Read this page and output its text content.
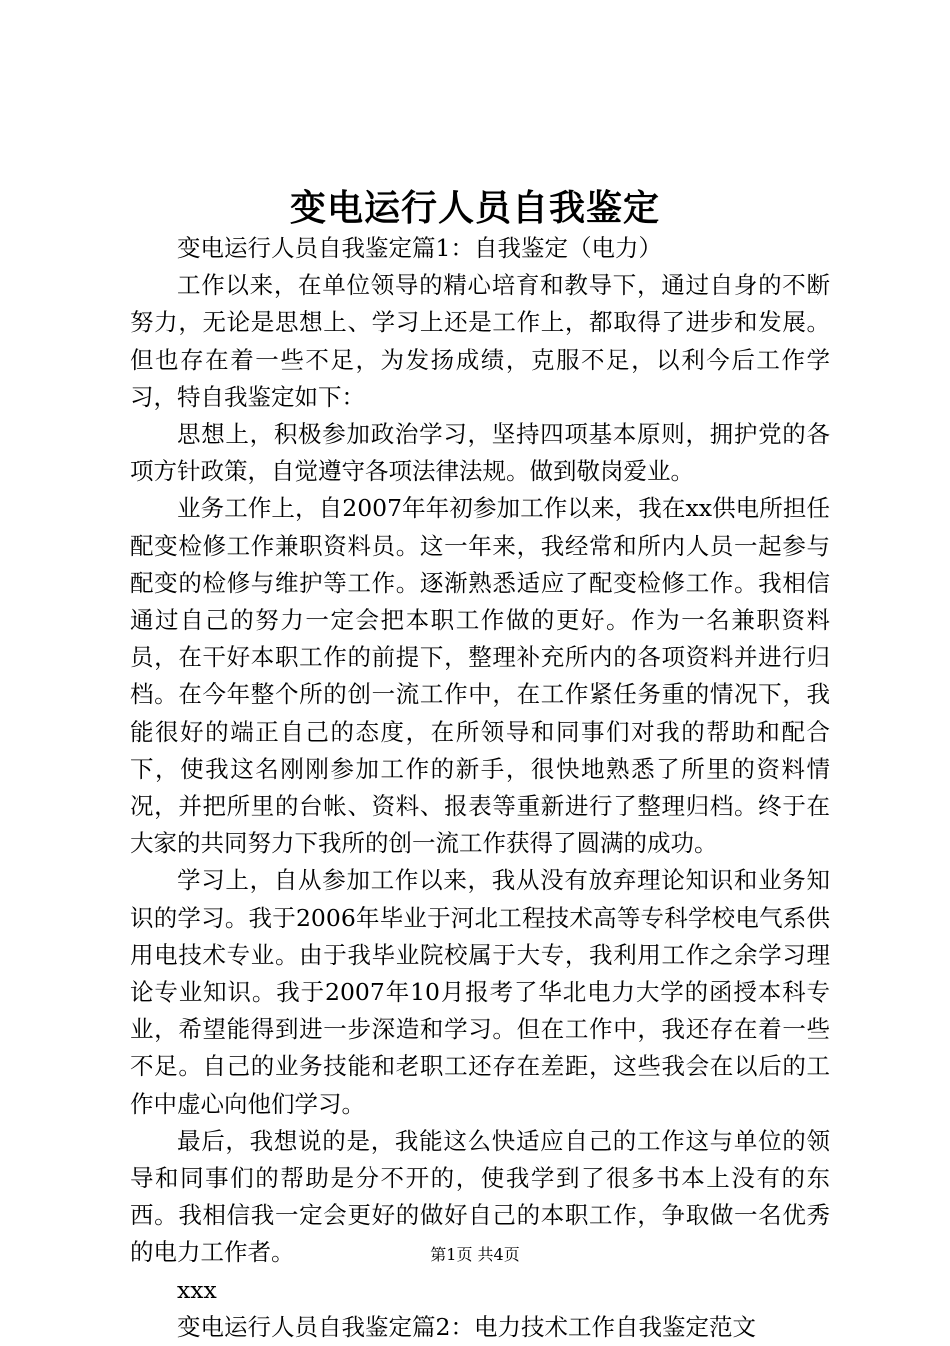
变电运行人员自我鉴定

变电运行人员自我鉴定篇1：自我鉴定（电力）

工作以来，在单位领导的精心培育和教导下，通过自身的不断努力，无论是思想上、学习上还是工作上，都取得了进步和发展。但也存在着一些不足，为发扬成绩，克服不足，以利今后工作学习，特自我鉴定如下：

思想上，积极参加政治学习，坚持四项基本原则，拥护党的各项方针政策，自觉遵守各项法律法规。做到敬岗爱业。

业务工作上，自2007年年初参加工作以来，我在xx供电所担任配变检修工作兼职资料员。这一年来，我经常和所内人员一起参与配变的检修与维护等工作。逐渐熟悉适应了配变检修工作。我相信通过自己的努力一定会把本职工作做的更好。作为一名兼职资料员，在干好本职工作的前提下，整理补充所内的各项资料并进行归档。在今年整个所的创一流工作中，在工作紧任务重的情况下，我能很好的端正自己的态度，在所领导和同事们对我的帮助和配合下，使我这名刚刚参加工作的新手，很快地熟悉了所里的资料情况，并把所里的台帐、资料、报表等重新进行了整理归档。终于在大家的共同努力下我所的创一流工作获得了圆满的成功。

学习上，自从参加工作以来，我从没有放弃理论知识和业务知识的学习。我于2006年毕业于河北工程技术高等专科学校电气系供用电技术专业。由于我毕业院校属于大专，我利用工作之余学习理论专业知识。我于2007年10月报考了华北电力大学的函授本科专业，希望能得到进一步深造和学习。但在工作中，我还存在着一些不足。自己的业务技能和老职工还存在差距，这些我会在以后的工作中虚心向他们学习。

最后，我想说的是，我能这么快适应自己的工作这与单位的领导和同事们的帮助是分不开的，使我学到了很多书本上没有的东西。我相信我一定会更好的做好自己的本职工作，争取做一名优秀的电力工作者。

xxx

变电运行人员自我鉴定篇2：电力技术工作自我鉴定范文

第1页 共4页
